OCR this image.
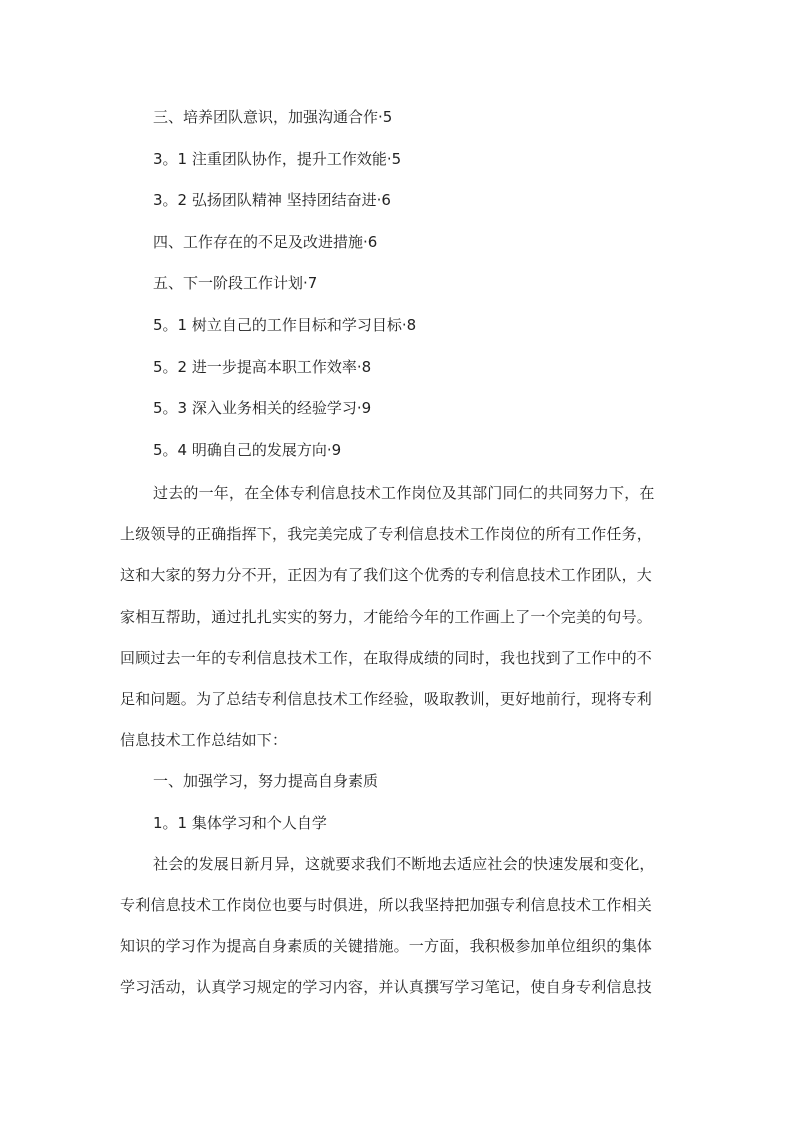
三、培养团队意识，加强沟通合作·5
3。1 注重团队协作，提升工作效能·5
3。2 弘扬团队精神 坚持团结奋进·6
四、工作存在的不足及改进措施·6
五、下一阶段工作计划·7
5。1 树立自己的工作目标和学习目标·8
5。2 进一步提高本职工作效率·8
5。3 深入业务相关的经验学习·9
5。4 明确自己的发展方向·9

过去的一年，在全体专利信息技术工作岗位及其部门同仁的共同努力下，在
上级领导的正确指挥下，我完美完成了专利信息技术工作岗位的所有工作任务，
这和大家的努力分不开，正因为有了我们这个优秀的专利信息技术工作团队，大
家相互帮助，通过扎扎实实的努力，才能给今年的工作画上了一个完美的句号。
回顾过去一年的专利信息技术工作，在取得成绩的同时，我也找到了工作中的不
足和问题。为了总结专利信息技术工作经验，吸取教训，更好地前行，现将专利
信息技术工作总结如下：

一、加强学习，努力提高自身素质
1。1 集体学习和个人自学

社会的发展日新月异，这就要求我们不断地去适应社会的快速发展和变化，
专利信息技术工作岗位也要与时俱进，所以我坚持把加强专利信息技术工作相关
知识的学习作为提高自身素质的关键措施。一方面，我积极参加单位组织的集体
学习活动，认真学习规定的学习内容，并认真撰写学习笔记，使自身专利信息技
